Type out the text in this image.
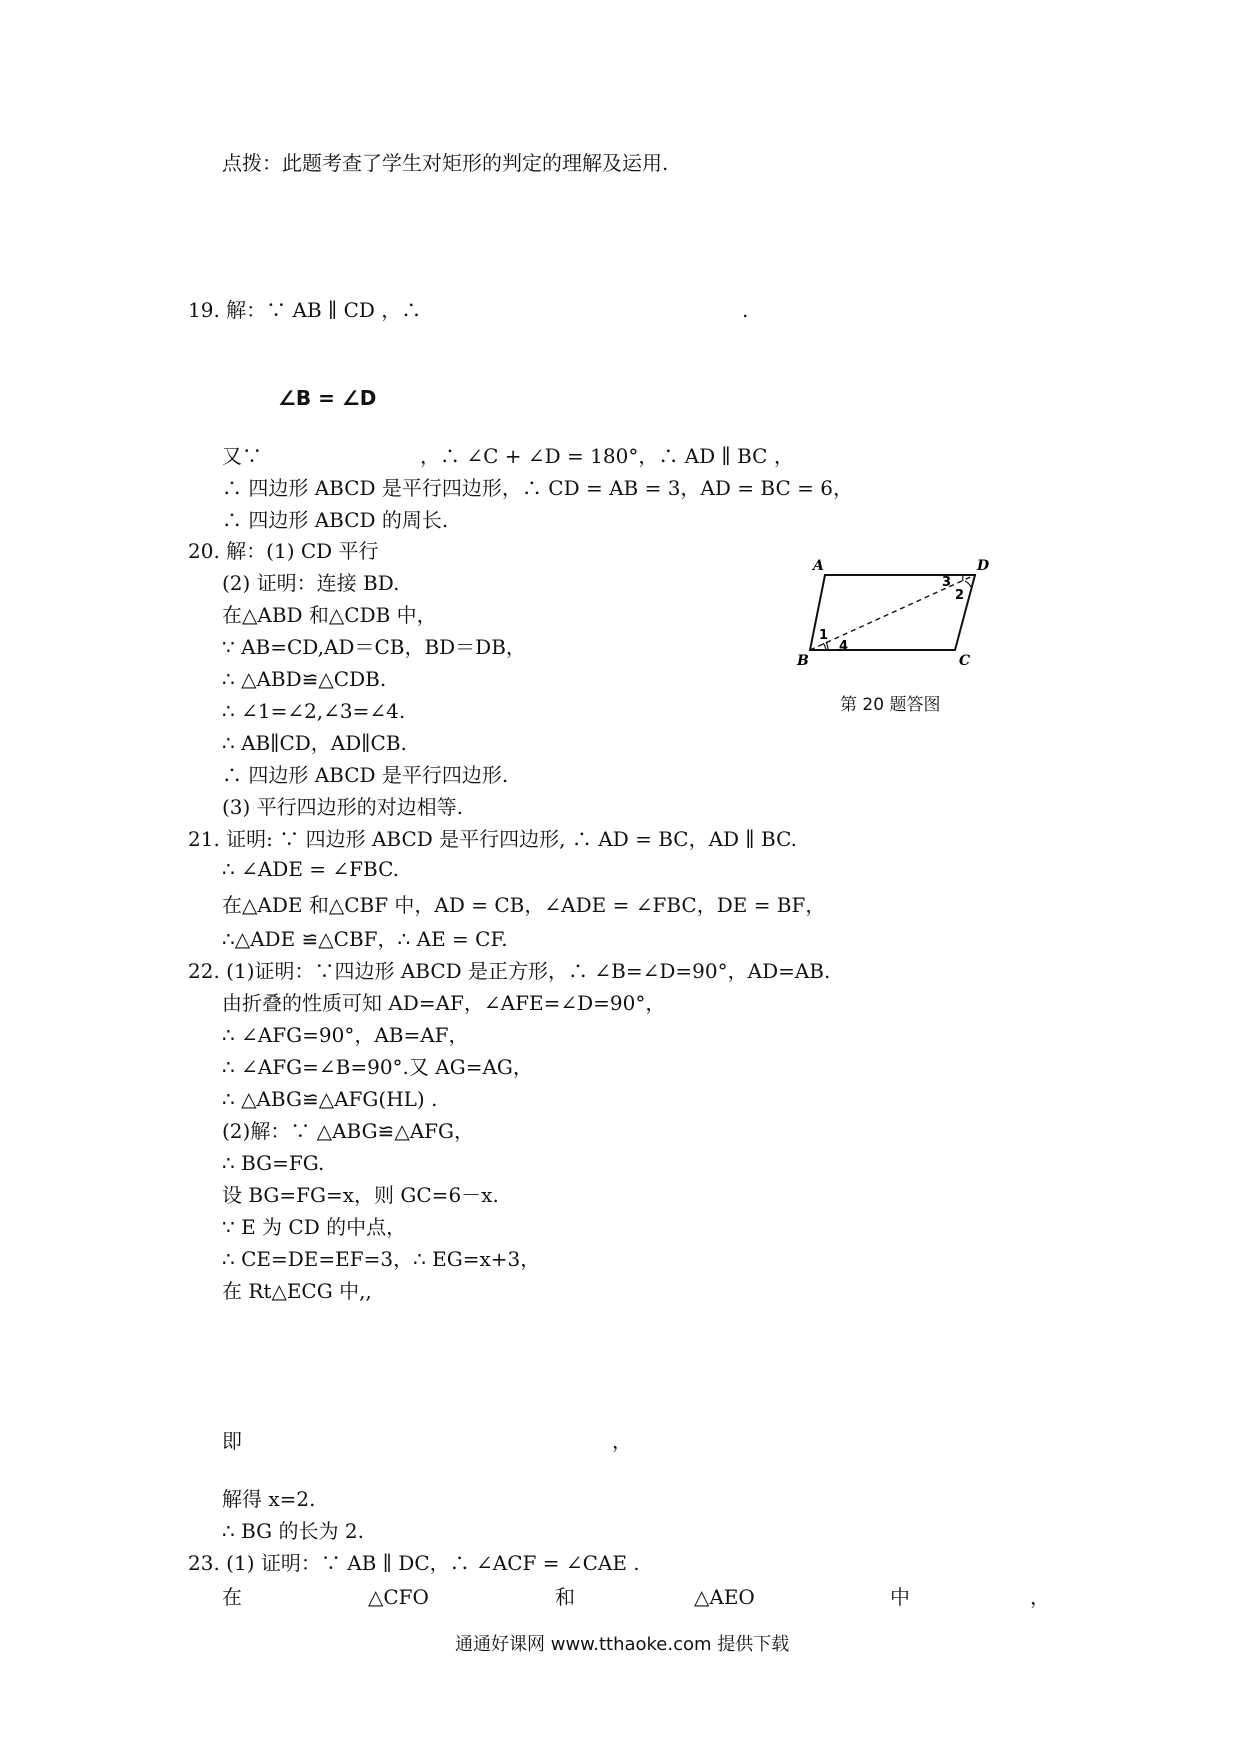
点拨：此题考查了学生对矩形的判定的理解及运用.
19. 解：∵ AB ∥ CD ，∴	.
∠B = ∠D
又∵	，∴ ∠C + ∠D = 180°，∴ AD ∥ BC ，
∴ 四边形 ABCD 是平行四边形，∴ CD = AB = 3，AD = BC = 6，
∴ 四边形 ABCD 的周长.
20. 解：(1) CD 平行
(2) 证明：连接 BD.
在△ABD 和△CDB 中，
∵ AB=CD,AD＝CB，BD＝DB，
∴ △ABD≌△CDB.
∴ ∠1=∠2,∠3=∠4.
∴ AB∥CD，AD∥CB.
∴ 四边形 ABCD 是平行四边形.
(3) 平行四边形的对边相等.
21. 证明: ∵ 四边形 ABCD 是平行四边形, ∴ AD = BC，AD ∥ BC.
∴ ∠ADE = ∠FBC.
在△ADE 和△CBF 中，AD = CB，∠ADE = ∠FBC，DE = BF，
∴△ADE ≌△CBF，∴ AE = CF.
22. (1)证明：∵四边形 ABCD 是正方形，∴ ∠B=∠D=90°，AD=AB.
由折叠的性质可知 AD=AF，∠AFE=∠D=90°，
∴ ∠AFG=90°，AB=AF，
∴ ∠AFG=∠B=90°.又 AG=AG，
∴ △ABG≌△AFG(HL) .
(2)解：∵ △ABG≌△AFG，
∴ BG=FG.
设 BG=FG=x，则 GC=6－x.
∵ E 为 CD 的中点，
∴ CE=DE=EF=3，∴ EG=x+3，
在 Rt△ECG 中,,
即	，
解得 x=2.
∴ BG 的长为 2.
23. (1) 证明：∵ AB ∥ DC，∴ ∠ACF = ∠CAE .
在	△CFO	和	△AEO	中	，
A	D
B	C
1
2
3
4
第 20 题答图
通通好课网 www.tthaoke.com 提供下载
